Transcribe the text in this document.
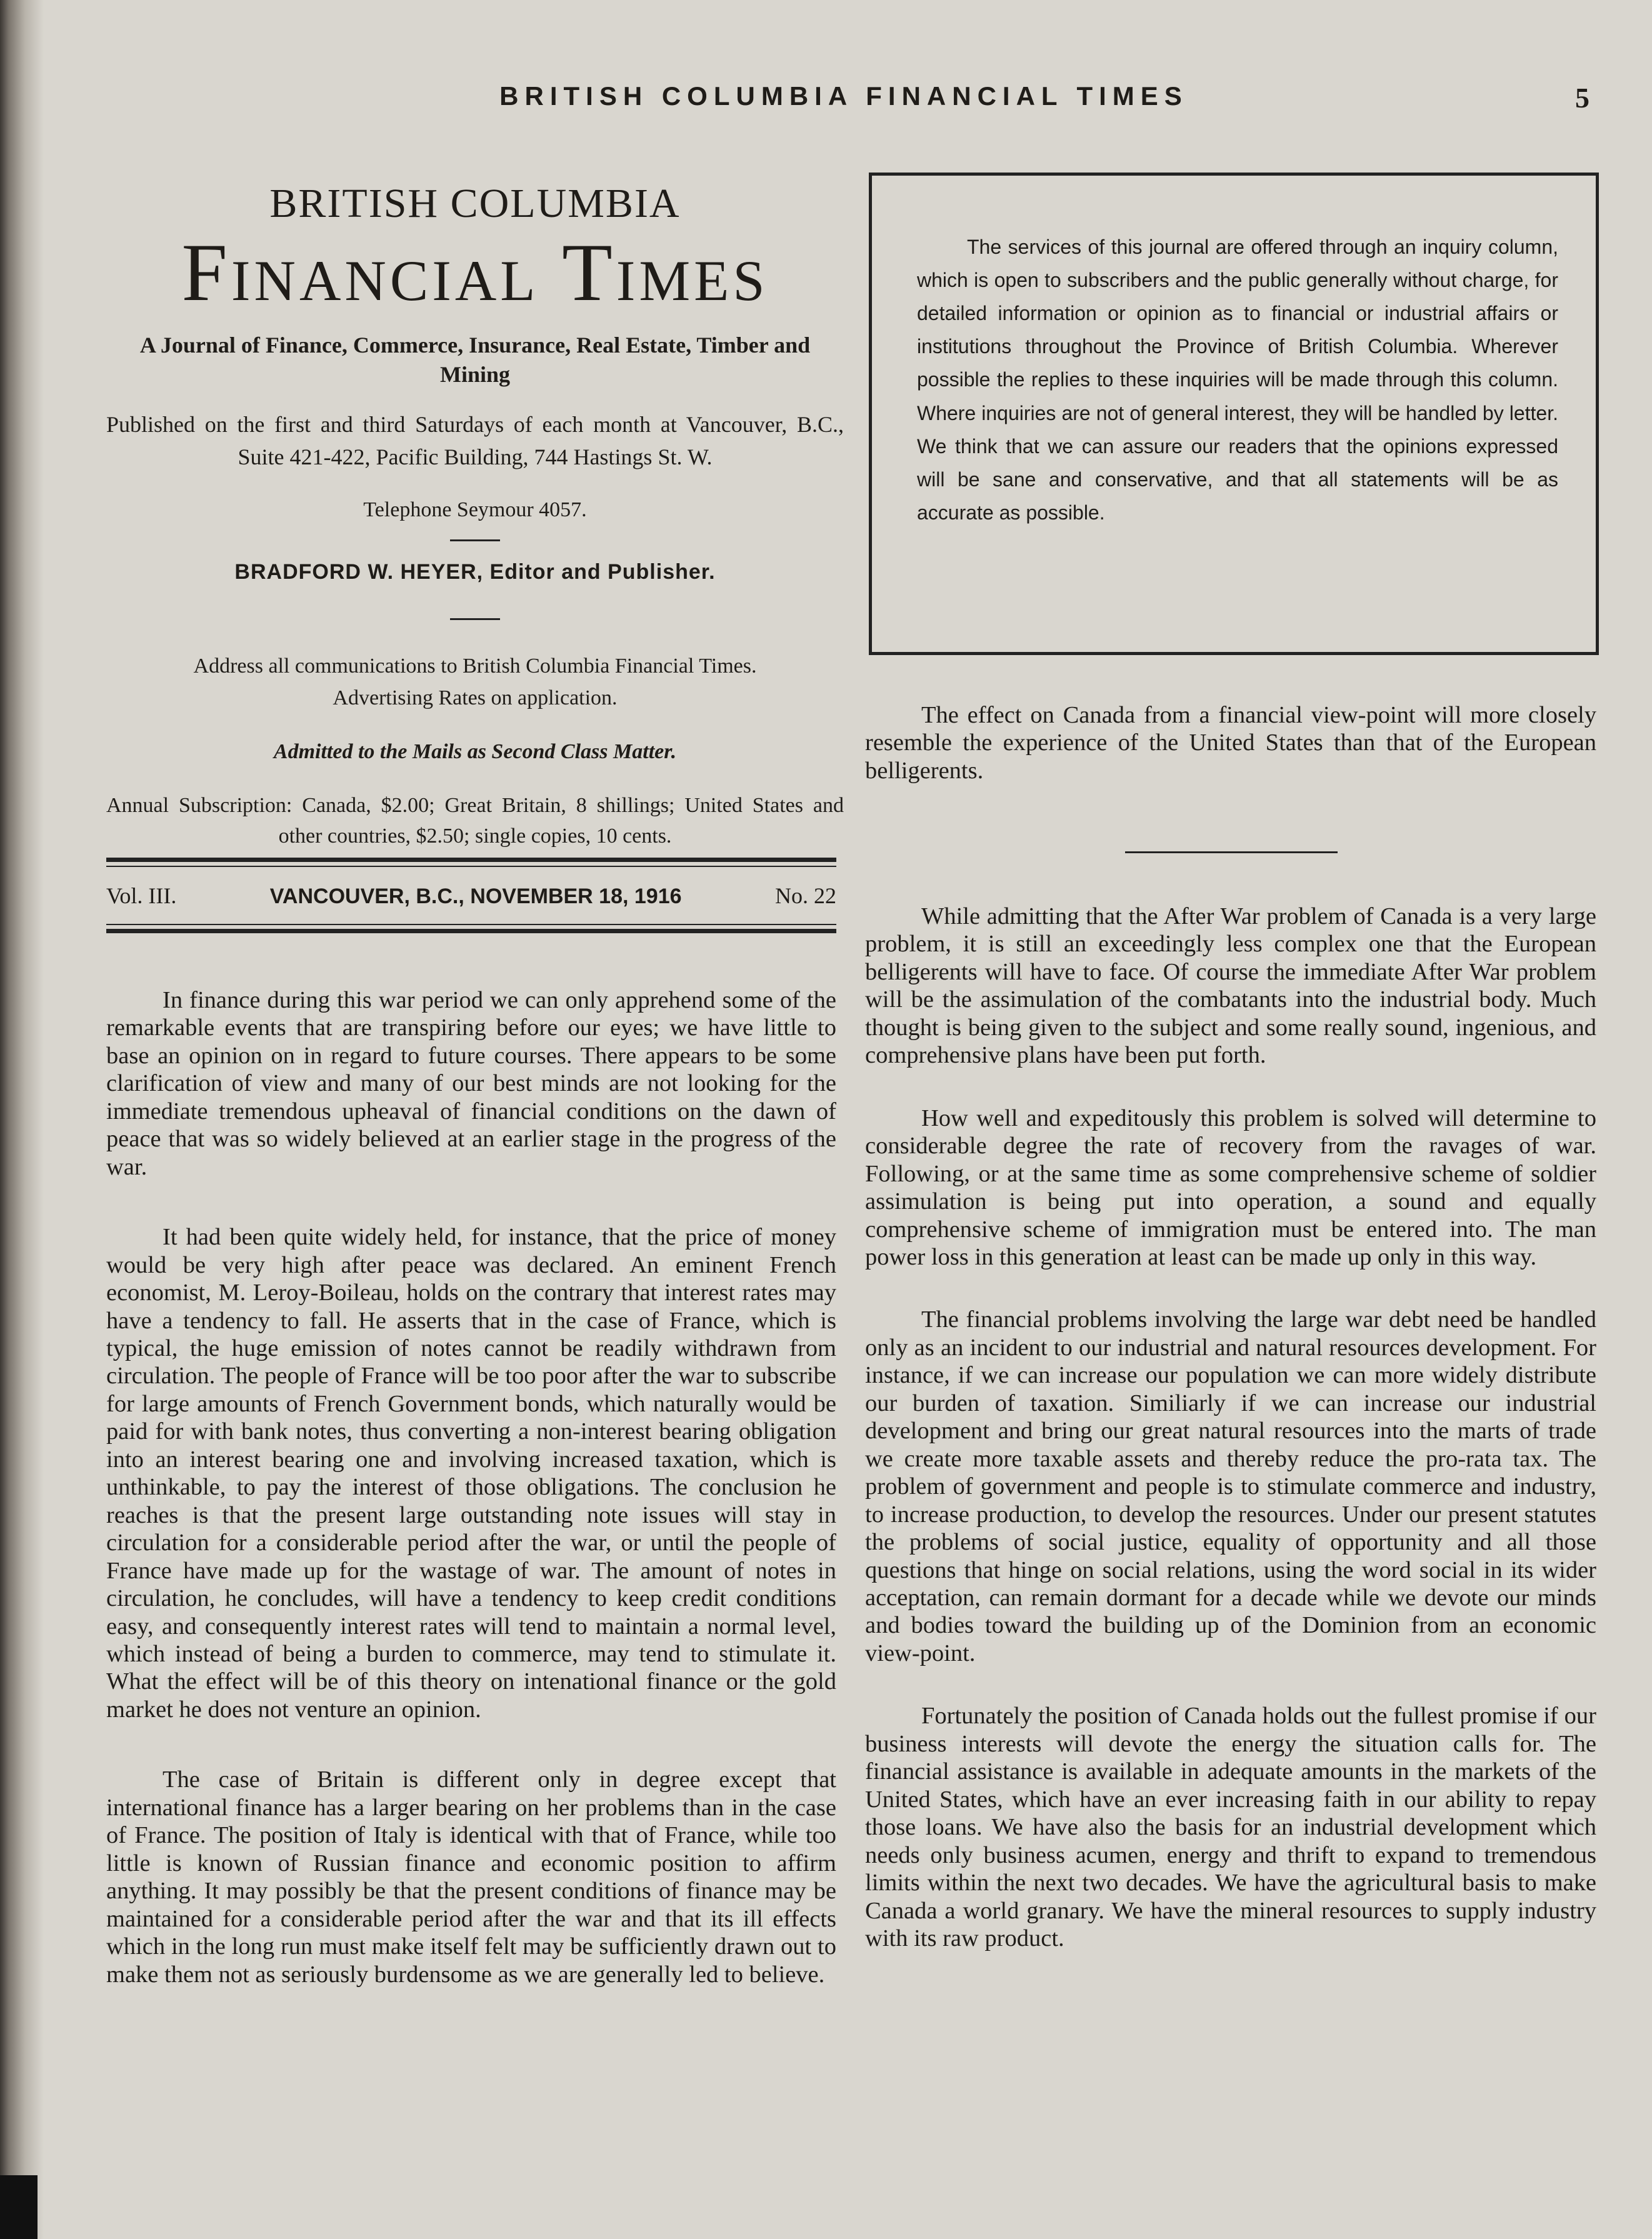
BRITISH COLUMBIA FINANCIAL TIMES	5
BRITISH COLUMBIA
Financial Times
A Journal of Finance, Commerce, Insurance, Real Estate, Timber and Mining
Published on the first and third Saturdays of each month at Vancouver, B.C., Suite 421-422, Pacific Building, 744 Hastings St. W.
Telephone Seymour 4057.
BRADFORD W. HEYER, Editor and Publisher.
Address all communications to British Columbia Financial Times.
Advertising Rates on application.
Admitted to the Mails as Second Class Matter.
Annual Subscription: Canada, $2.00; Great Britain, 8 shillings; United States and other countries, $2.50; single copies, 10 cents.
Vol. III.	VANCOUVER, B.C., NOVEMBER 18, 1916	No. 22

The services of this journal are offered through an inquiry column, which is open to subscribers and the public generally without charge, for detailed information or opinion as to financial or industrial affairs or institutions throughout the Province of British Columbia. Wherever possible the replies to these inquiries will be made through this column. Where inquiries are not of general interest, they will be handled by letter. We think that we can assure our readers that the opinions expressed will be sane and conservative, and that all statements will be as accurate as possible.

In finance during this war period we can only apprehend some of the remarkable events that are transpiring before our eyes; we have little to base an opinion on in regard to future courses. There appears to be some clarification of view and many of our best minds are not looking for the immediate tremendous upheaval of financial conditions on the dawn of peace that was so widely believed at an earlier stage in the progress of the war.

It had been quite widely held, for instance, that the price of money would be very high after peace was declared. An eminent French economist, M. Leroy-Boileau, holds on the contrary that interest rates may have a tendency to fall. He asserts that in the case of France, which is typical, the huge emission of notes cannot be readily withdrawn from circulation. The people of France will be too poor after the war to subscribe for large amounts of French Government bonds, which naturally would be paid for with bank notes, thus converting a non-interest bearing obligation into an interest bearing one and involving increased taxation, which is unthinkable, to pay the interest of those obligations. The conclusion he reaches is that the present large outstanding note issues will stay in circulation for a considerable period after the war, or until the people of France have made up for the wastage of war. The amount of notes in circulation, he concludes, will have a tendency to keep credit conditions easy, and consequently interest rates will tend to maintain a normal level, which instead of being a burden to commerce, may tend to stimulate it. What the effect will be of this theory on intenational finance or the gold market he does not venture an opinion.

The case of Britain is different only in degree except that international finance has a larger bearing on her problems than in the case of France. The position of Italy is identical with that of France, while too little is known of Russian finance and economic position to affirm anything. It may possibly be that the present conditions of finance may be maintained for a considerable period after the war and that its ill effects which in the long run must make itself felt may be sufficiently drawn out to make them not as seriously burdensome as we are generally led to believe.

The effect on Canada from a financial view-point will more closely resemble the experience of the United States than that of the European belligerents.

While admitting that the After War problem of Canada is a very large problem, it is still an exceedingly less complex one that the European belligerents will have to face. Of course the immediate After War problem will be the assimulation of the combatants into the industrial body. Much thought is being given to the subject and some really sound, ingenious, and comprehensive plans have been put forth.

How well and expeditously this problem is solved will determine to considerable degree the rate of recovery from the ravages of war. Following, or at the same time as some comprehensive scheme of soldier assimulation is being put into operation, a sound and equally comprehensive scheme of immigration must be entered into. The man power loss in this generation at least can be made up only in this way.

The financial problems involving the large war debt need be handled only as an incident to our industrial and natural resources development. For instance, if we can increase our population we can more widely distribute our burden of taxation. Similiarly if we can increase our industrial development and bring our great natural resources into the marts of trade we create more taxable assets and thereby reduce the pro-rata tax. The problem of government and people is to stimulate commerce and industry, to increase production, to develop the resources. Under our present statutes the problems of social justice, equality of opportunity and all those questions that hinge on social relations, using the word social in its wider acceptation, can remain dormant for a decade while we devote our minds and bodies toward the building up of the Dominion from an economic view-point.

Fortunately the position of Canada holds out the fullest promise if our business interests will devote the energy the situation calls for. The financial assistance is available in adequate amounts in the markets of the United States, which have an ever increasing faith in our ability to repay those loans. We have also the basis for an industrial development which needs only business acumen, energy and thrift to expand to tremendous limits within the next two decades. We have the agricultural basis to make Canada a world granary. We have the mineral resources to supply industry with its raw product.
